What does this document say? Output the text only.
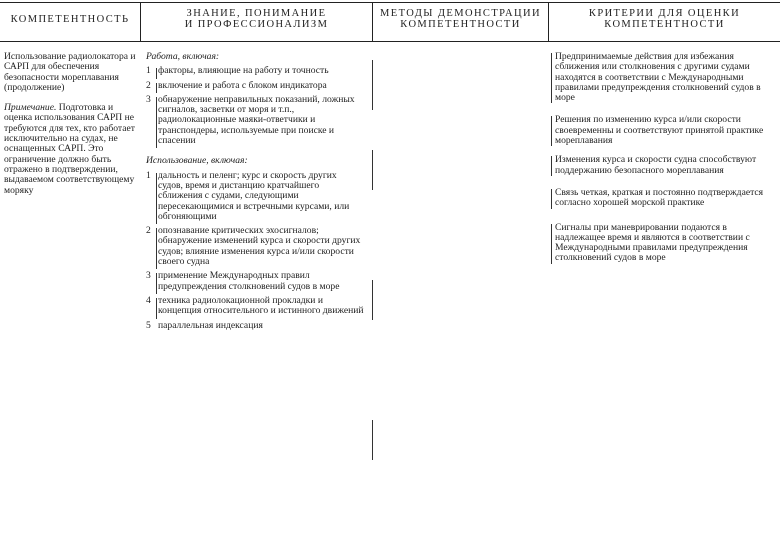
КОМПЕТЕНТНОСТЬ
ЗНАНИЕ, ПОНИМАНИЕ
И ПРОФЕССИОНАЛИЗМ
МЕТОДЫ ДЕМОНСТРАЦИИ
КОМПЕТЕНТНОСТИ
КРИТЕРИИ ДЛЯ ОЦЕНКИ
КОМПЕТЕНТНОСТИ

Использование радиолокатора и САРП для обеспечения безопасности мореплавания (продолжение)

Примечание. Подготовка и оценка использования САРП не требуются для тех, кто работает исключительно на судах, не оснащенных САРП. Это ограничение должно быть отражено в подтверждении, выдаваемом соответствующему моряку

Работа, включая:
1 факторы, влияющие на работу и точность
2 включение и работа с блоком индикатора
3 обнаружение неправильных показаний, ложных сигналов, засветки от моря и т.п., радиолокационные маяки-ответчики и транспондеры, используемые при поиске и спасении
Использование, включая:
1 дальность и пеленг; курс и скорость других судов, время и дистанцию кратчайшего сближения с судами, следующими пересекающимися и встречными курсами, или обгоняющими
2 опознавание критических эхосигналов; обнаружение изменений курса и скорости других судов; влияние изменения курса и/или скорости своего судна
3 применение Международных правил предупреждения столкновений судов в море
4 техника радиолокационной прокладки и концепция относительного и истинного движений
5 параллельная индексация
Предпринимаемые действия для избежания сближения или столкновения с другими судами находятся в соответствии с Международными правилами предупреждения столкновений судов в море
Решения по изменению курса и/или скорости своевременны и соответствуют принятой практике мореплавания
Изменения курса и скорости судна способствуют поддержанию безопасного мореплавания
Связь четкая, краткая и постоянно подтверждается согласно хорошей морской практике
Сигналы при маневрировании подаются в надлежащее время и являются в соответствии с Международными правилами предупреждения столкновений судов в море
